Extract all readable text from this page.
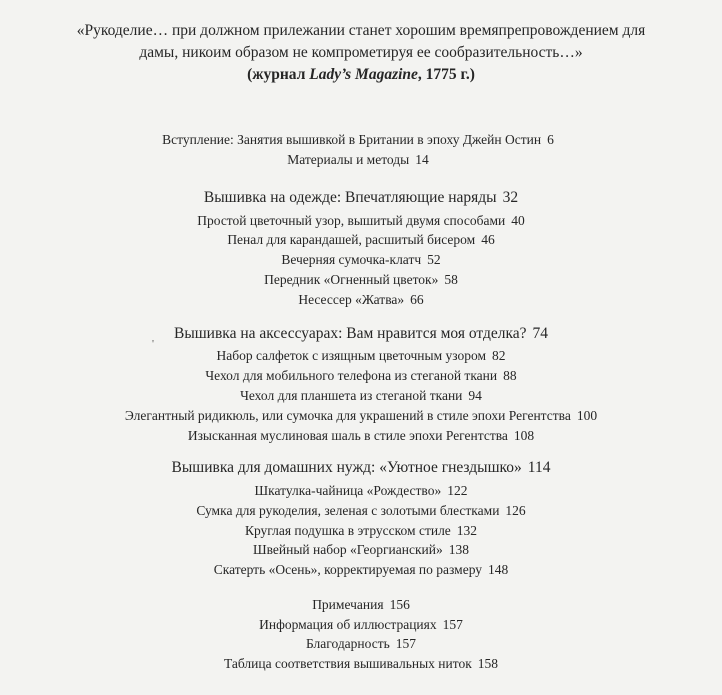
«Рукоделие… при должном прилежании станет хорошим времяпрепровождением для
дамы, никоим образом не компрометируя ее сообразительность…»
(журнал Lady’s Magazine, 1775 г.)
Вступление: Занятия вышивкой в Британии в эпоху Джейн Остин 6
Материалы и методы 14
Вышивка на одежде: Впечатляющие наряды 32
Простой цветочный узор, вышитый двумя способами 40
Пенал для карандашей, расшитый бисером 46
Вечерняя сумочка-клатч 52
Передник «Огненный цветок» 58
Несессер «Жатва» 66
'
Вышивка на аксессуарах: Вам нравится моя отделка? 74
Набор салфеток с изящным цветочным узором 82
Чехол для мобильного телефона из стеганой ткани 88
Чехол для планшета из стеганой ткани 94
Элегантный ридикюль, или сумочка для украшений в стиле эпохи Регентства 100
Изысканная муслиновая шаль в стиле эпохи Регентства 108
Вышивка для домашних нужд: «Уютное гнездышко» 114
Шкатулка-чайница «Рождество» 122
Сумка для рукоделия, зеленая с золотыми блестками 126
Круглая подушка в этрусском стиле 132
Швейный набор «Георгианский» 138
Скатерть «Осень», корректируемая по размеру 148
Примечания 156
Информация об иллюстрациях 157
Благодарность 157
Таблица соответствия вышивальных ниток 158
